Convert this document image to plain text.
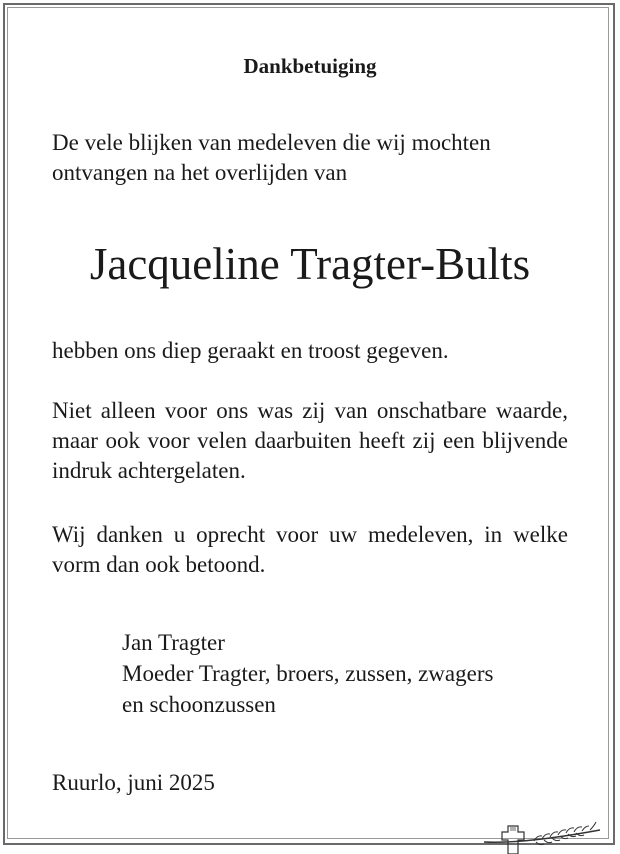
Dankbetuiging

De vele blijken van medeleven die wij mochten ontvangen na het overlijden van

Jacqueline Tragter-Bults

hebben ons diep geraakt en troost gegeven.

Niet alleen voor ons was zij van onschatbare waarde, maar ook voor velen daarbuiten heeft zij een blijvende indruk achtergelaten.

Wij danken u oprecht voor uw medeleven, in welke vorm dan ook betoond.

Jan Tragter
Moeder Tragter, broers, zussen, zwagers
en schoonzussen

Ruurlo, juni 2025
